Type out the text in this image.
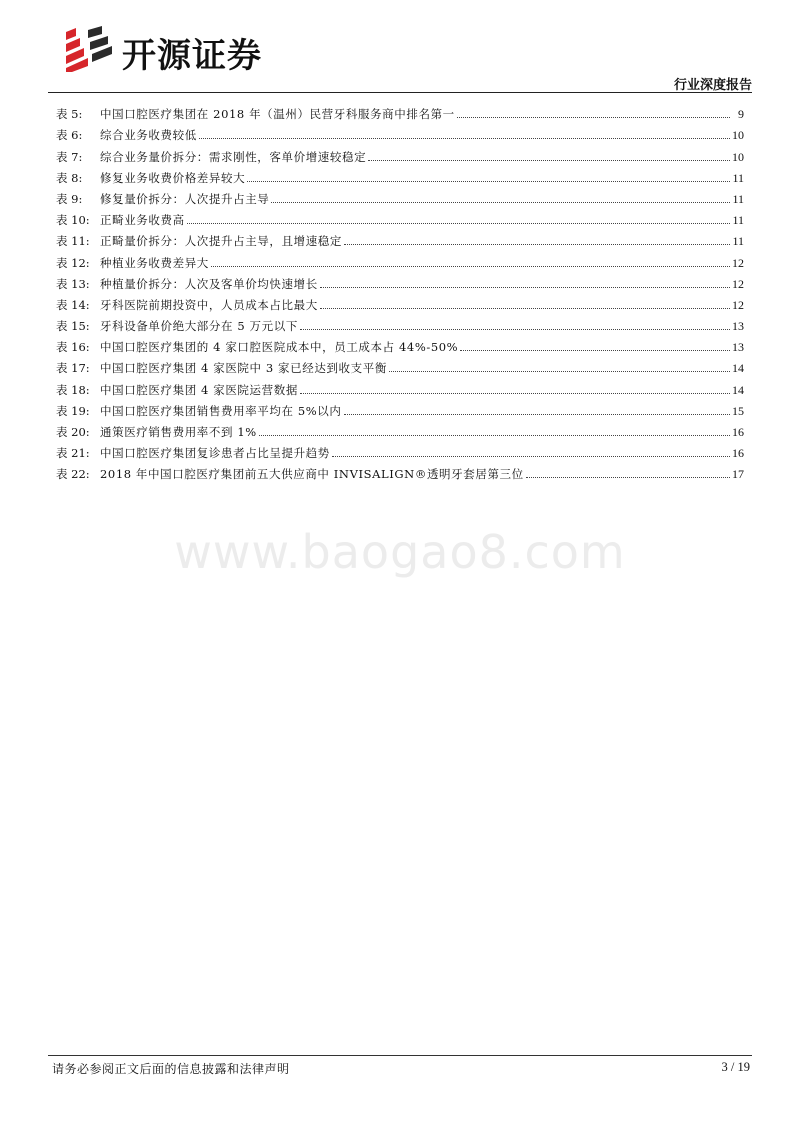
开源证券
行业深度报告
表 5:	中国口腔医疗集团在 2018 年（温州）民营牙科服务商中排名第一	9
表 6:	综合业务收费较低	10
表 7:	综合业务量价拆分：需求刚性，客单价增速较稳定	10
表 8:	修复业务收费价格差异较大	11
表 9:	修复量价拆分：人次提升占主导	11
表 10: 正畸业务收费高	11
表 11: 正畸量价拆分：人次提升占主导，且增速稳定	11
表 12: 种植业务收费差异大	12
表 13: 种植量价拆分：人次及客单价均快速增长	12
表 14: 牙科医院前期投资中，人员成本占比最大	12
表 15: 牙科设备单价绝大部分在 5 万元以下	13
表 16: 中国口腔医疗集团的 4 家口腔医院成本中，员工成本占 44%-50%	13
表 17: 中国口腔医疗集团 4 家医院中 3 家已经达到收支平衡	14
表 18: 中国口腔医疗集团 4 家医院运营数据	14
表 19: 中国口腔医疗集团销售费用率平均在 5%以内	15
表 20: 通策医疗销售费用率不到 1%	16
表 21: 中国口腔医疗集团复诊患者占比呈提升趋势	16
表 22: 2018 年中国口腔医疗集团前五大供应商中 INVISALIGN®透明牙套居第三位	17
www.baogao8.com
请务必参阅正文后面的信息披露和法律声明	3 / 19
